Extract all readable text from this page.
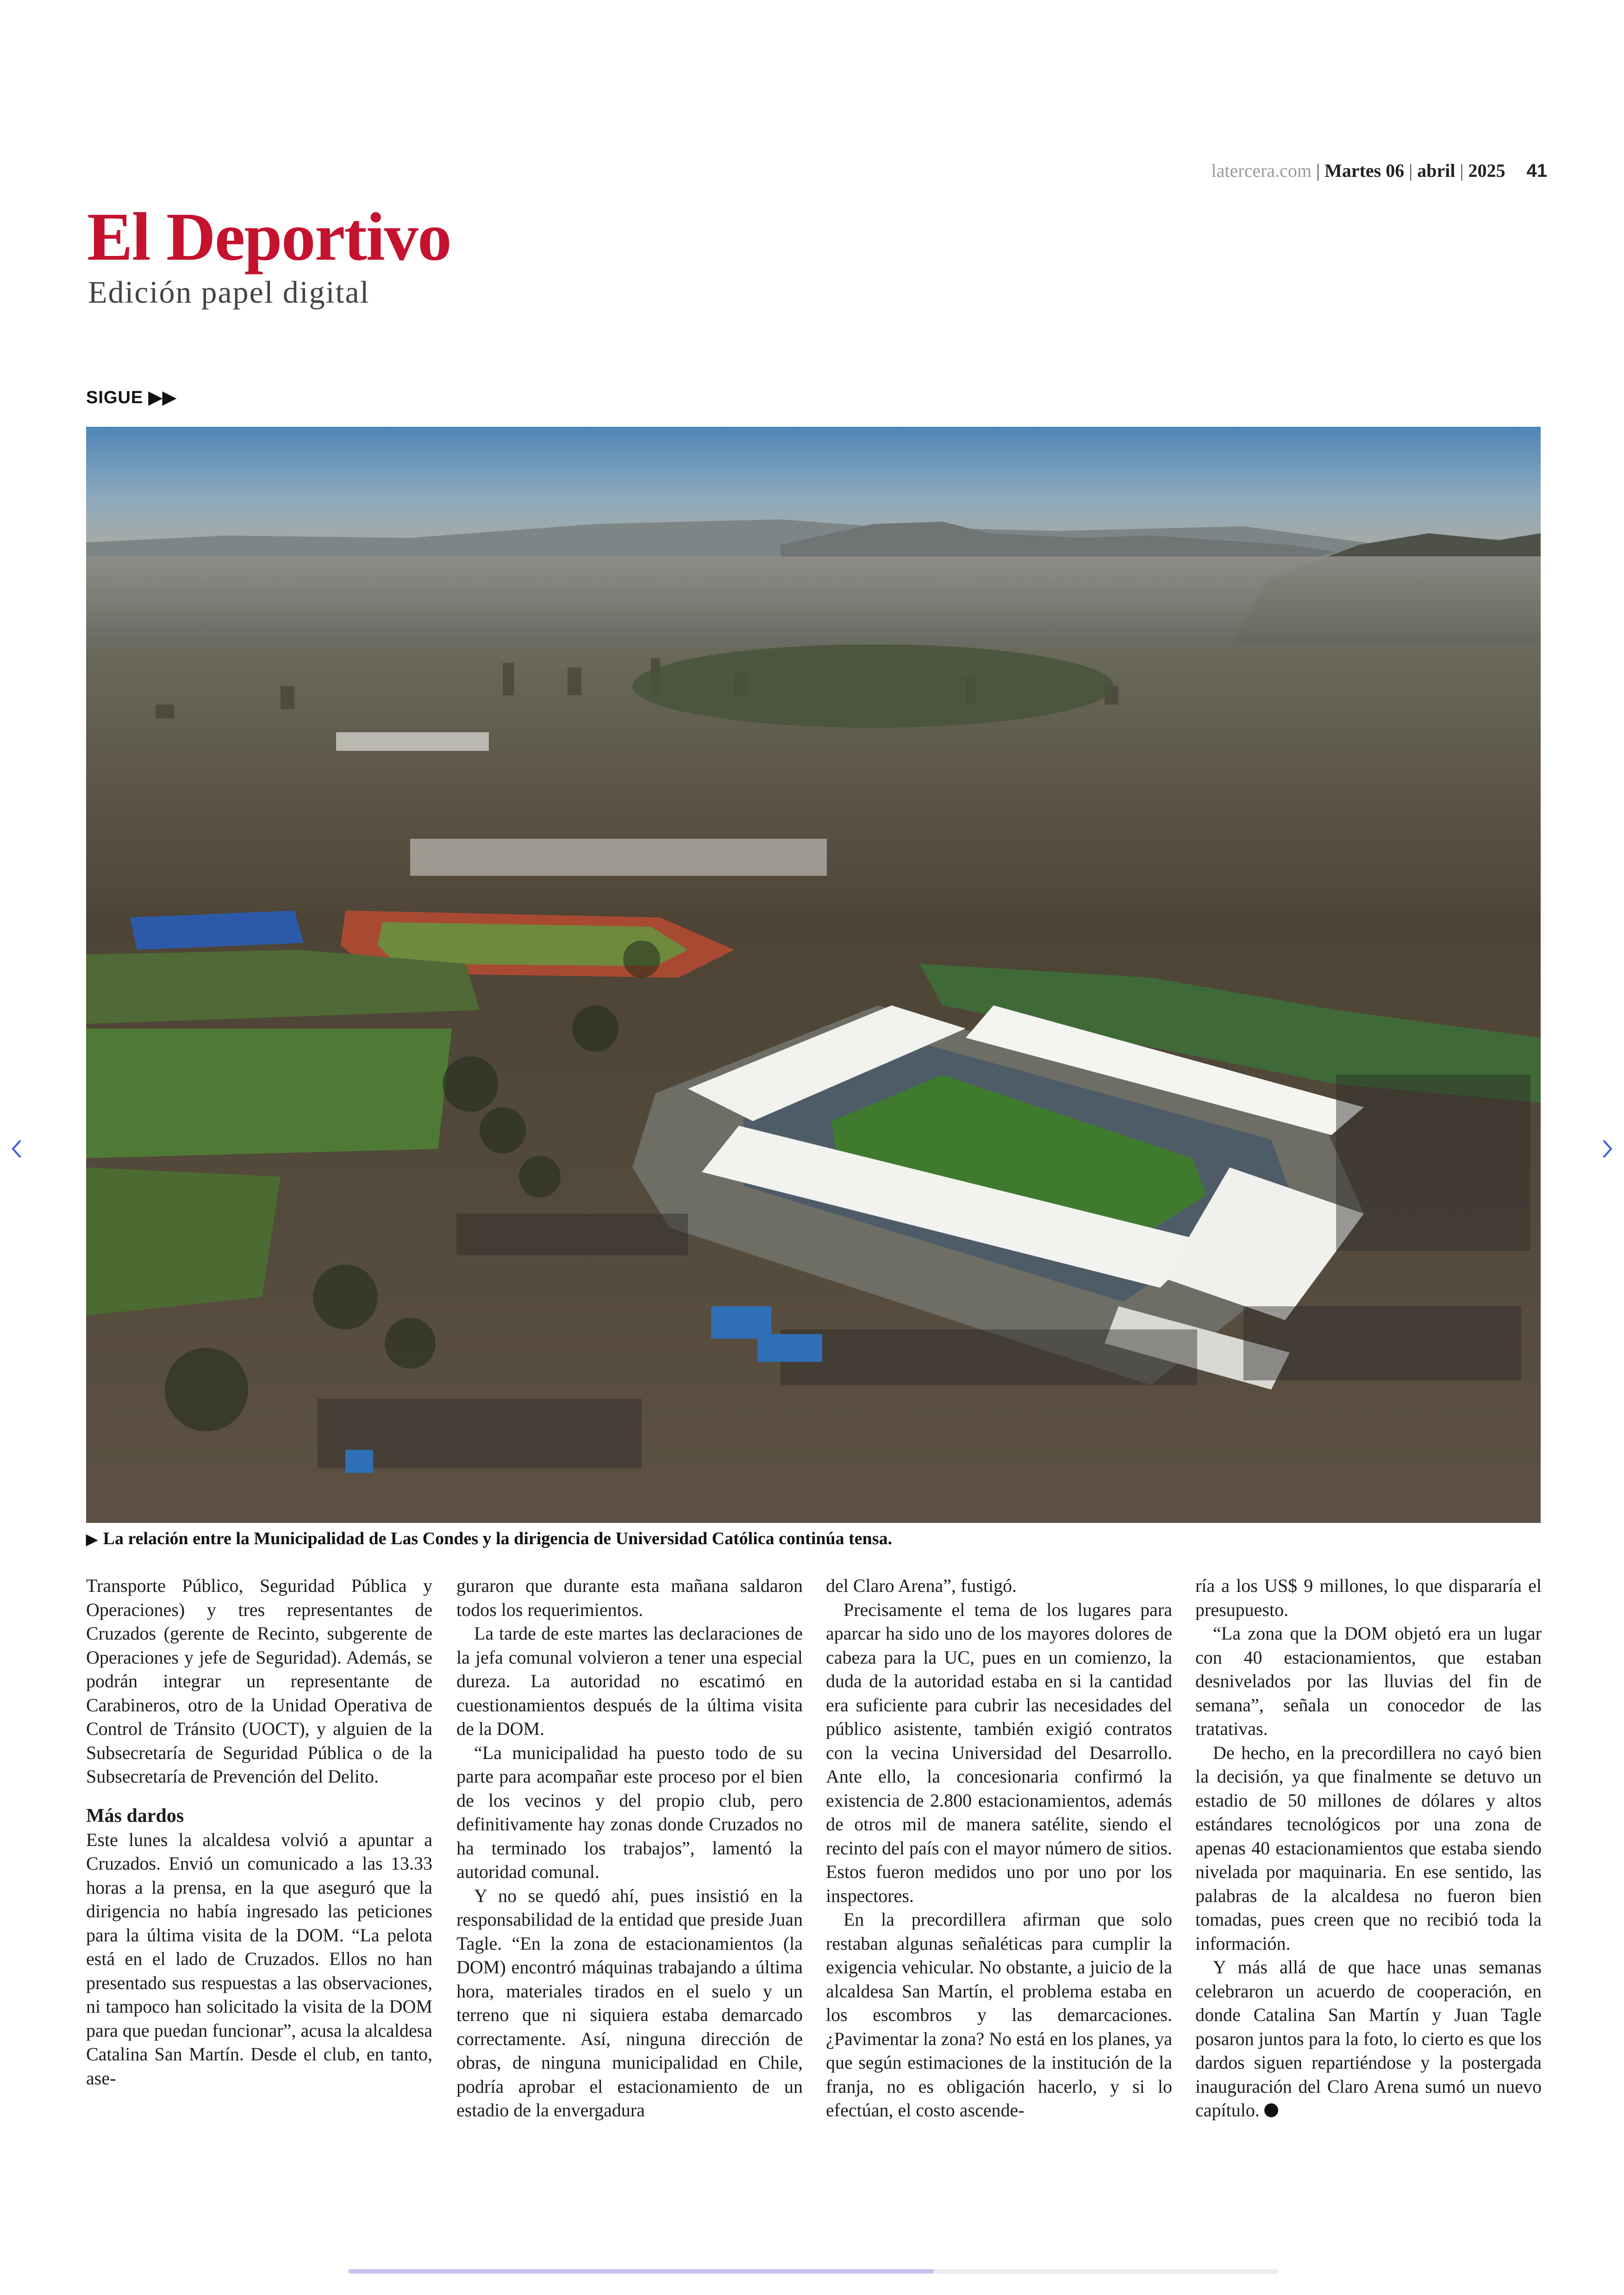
latercera.com | Martes 06 | abril | 2025 41
El Deportivo
Edición papel digital
SIGUE ▶▶
▶ La relación entre la Municipalidad de Las Condes y la dirigencia de Universidad Católica continúa tensa.

Transporte Público, Seguridad Pública y Operaciones) y tres representantes de Cruzados (gerente de Recinto, subgerente de Operaciones y jefe de Seguridad). Además, se podrán integrar un representante de Carabineros, otro de la Unidad Operativa de Control de Tránsito (UOCT), y alguien de la Subsecretaría de Seguridad Pública o de la Subsecretaría de Prevención del Delito.

Más dardos

Este lunes la alcaldesa volvió a apuntar a Cruzados. Envió un comunicado a las 13.33 horas a la prensa, en la que aseguró que la dirigencia no había ingresado las peticiones para la última visita de la DOM. “La pelota está en el lado de Cruzados. Ellos no han presentado sus respuestas a las observaciones, ni tampoco han solicitado la visita de la DOM para que puedan funcionar”, acusa la alcaldesa Catalina San Martín. Desde el club, en tanto, ase-

guraron que durante esta mañana saldaron todos los requerimientos.

La tarde de este martes las declaraciones de la jefa comunal volvieron a tener una especial dureza. La autoridad no escatimó en cuestionamientos después de la última visita de la DOM.

“La municipalidad ha puesto todo de su parte para acompañar este proceso por el bien de los vecinos y del propio club, pero definitivamente hay zonas donde Cruzados no ha terminado los trabajos”, lamentó la autoridad comunal.

Y no se quedó ahí, pues insistió en la responsabilidad de la entidad que preside Juan Tagle. “En la zona de estacionamientos (la DOM) encontró máquinas trabajando a última hora, materiales tirados en el suelo y un terreno que ni siquiera estaba demarcado correctamente. Así, ninguna dirección de obras, de ninguna municipalidad en Chile, podría aprobar el estacionamiento de un estadio de la envergadura

del Claro Arena”, fustigó.

Precisamente el tema de los lugares para aparcar ha sido uno de los mayores dolores de cabeza para la UC, pues en un comienzo, la duda de la autoridad estaba en si la cantidad era suficiente para cubrir las necesidades del público asistente, también exigió contratos con la vecina Universidad del Desarrollo. Ante ello, la concesionaria confirmó la existencia de 2.800 estacionamientos, además de otros mil de manera satélite, siendo el recinto del país con el mayor número de sitios. Estos fueron medidos uno por uno por los inspectores.

En la precordillera afirman que solo restaban algunas señaléticas para cumplir la exigencia vehicular. No obstante, a juicio de la alcaldesa San Martín, el problema estaba en los escombros y las demarcaciones. ¿Pavimentar la zona? No está en los planes, ya que según estimaciones de la institución de la franja, no es obligación hacerlo, y si lo efectúan, el costo ascende-

ría a los US$ 9 millones, lo que dispararía el presupuesto.

“La zona que la DOM objetó era un lugar con 40 estacionamientos, que estaban desnivelados por las lluvias del fin de semana”, señala un conocedor de las tratativas.

De hecho, en la precordillera no cayó bien la decisión, ya que finalmente se detuvo un estadio de 50 millones de dólares y altos estándares tecnológicos por una zona de apenas 40 estacionamientos que estaba siendo nivelada por maquinaria. En ese sentido, las palabras de la alcaldesa no fueron bien tomadas, pues creen que no recibió toda la información.

Y más allá de que hace unas semanas celebraron un acuerdo de cooperación, en donde Catalina San Martín y Juan Tagle posaron juntos para la foto, lo cierto es que los dardos siguen repartiéndose y la postergada inauguración del Claro Arena sumó un nuevo capítulo.
